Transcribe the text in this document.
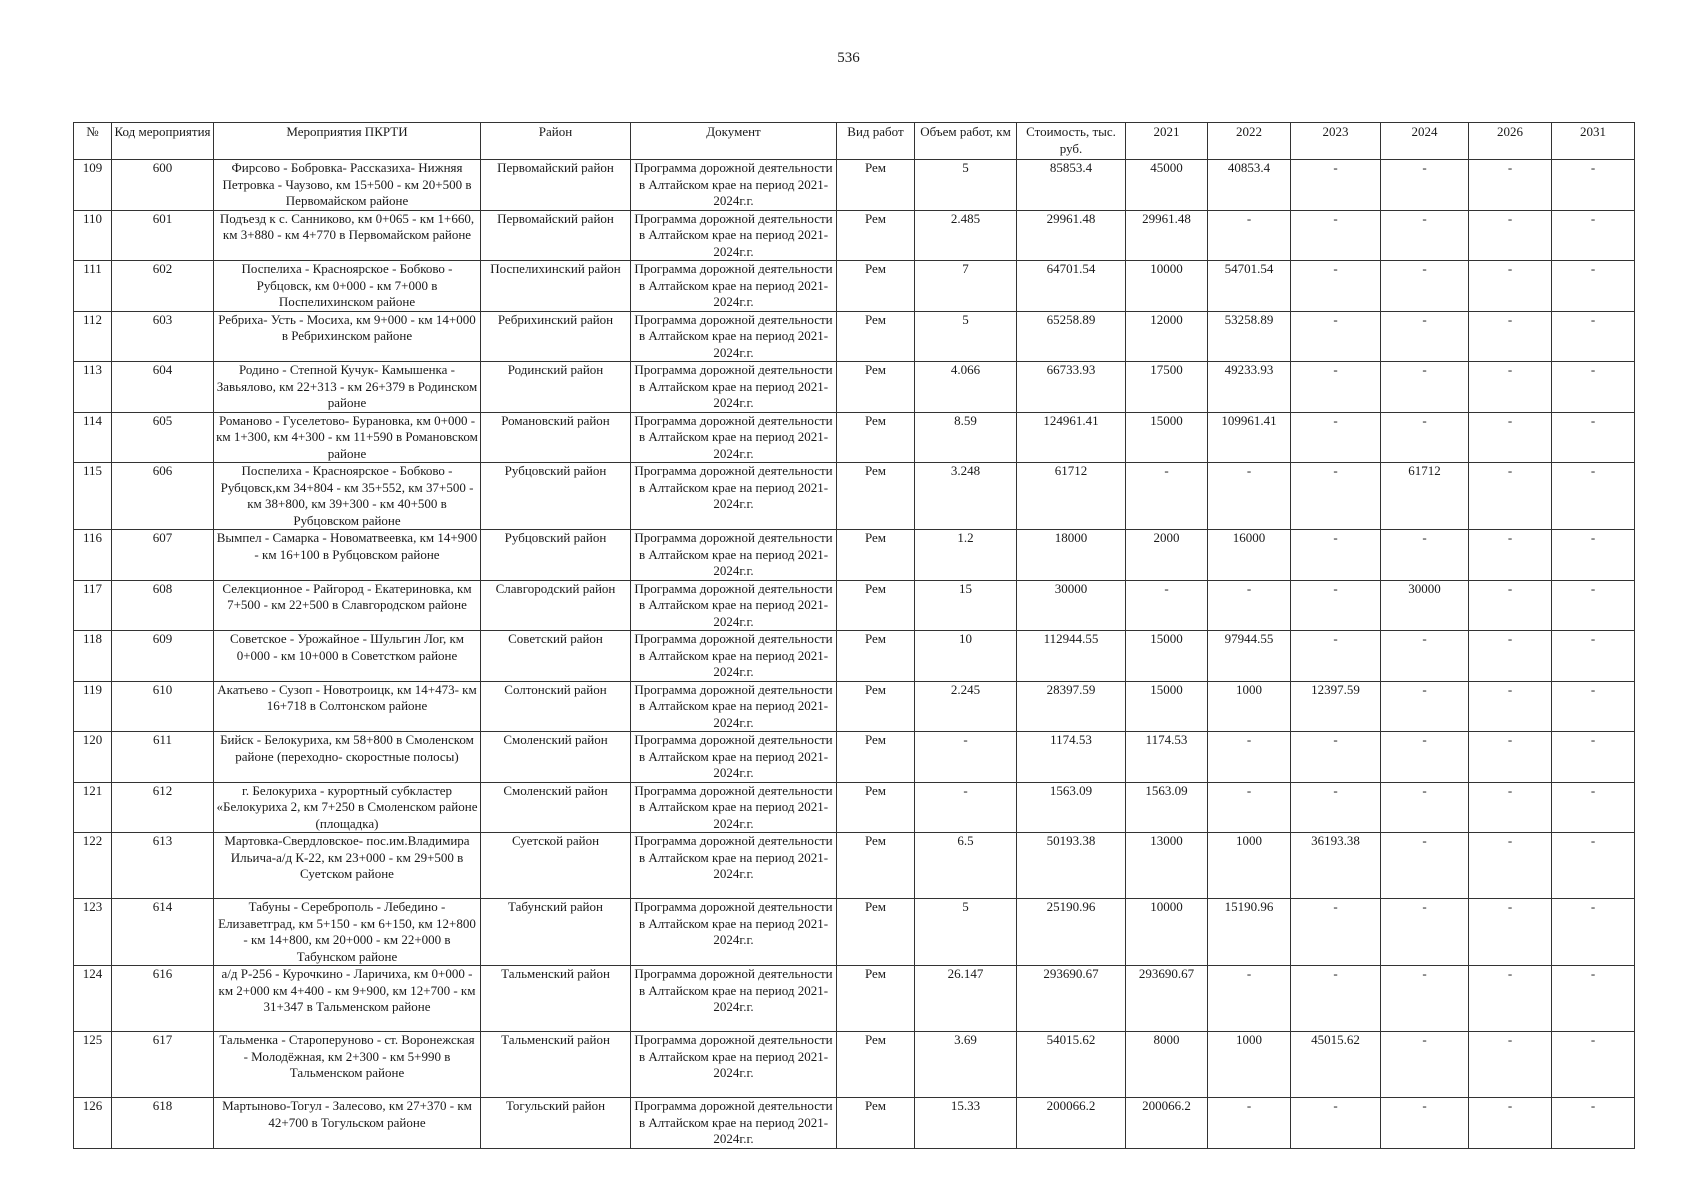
536
№	Код мероприятия	Мероприятия ПКРТИ	Район	Документ	Вид работ	Объем работ, км	Стоимость, тыс. руб.	2021	2022	2023	2024	2026	2031
109	600	Фирсово - Бобровка- Рассказиха- Нижняя Петровка - Чаузово, км 15+500 - км 20+500 в Первомайском районе	Первомайский район	Программа дорожной деятельности в Алтайском крае на период 2021-2024г.г.	Рем	5	85853.4	45000	40853.4	-	-	-	-
110	601	Подъезд к с. Санниково, км 0+065 - км 1+660, км 3+880 - км 4+770 в Первомайском районе	Первомайский район	Программа дорожной деятельности в Алтайском крае на период 2021-2024г.г.	Рем	2.485	29961.48	29961.48	-	-	-	-	-
111	602	Поспелиха - Красноярское - Бобково - Рубцовск, км 0+000 - км 7+000 в Поспелихинском районе	Поспелихинский район	Программа дорожной деятельности в Алтайском крае на период 2021-2024г.г.	Рем	7	64701.54	10000	54701.54	-	-	-	-
112	603	Ребриха- Усть - Мосиха, км 9+000 - км 14+000 в Ребрихинском районе	Ребрихинский район	Программа дорожной деятельности в Алтайском крае на период 2021-2024г.г.	Рем	5	65258.89	12000	53258.89	-	-	-	-
113	604	Родино - Степной Кучук- Камышенка - Завьялово, км 22+313 - км 26+379 в Родинском районе	Родинский район	Программа дорожной деятельности в Алтайском крае на период 2021-2024г.г.	Рем	4.066	66733.93	17500	49233.93	-	-	-	-
114	605	Романово - Гуселетово- Бурановка, км 0+000 - км 1+300, км 4+300 - км 11+590 в Романовском районе	Романовский район	Программа дорожной деятельности в Алтайском крае на период 2021-2024г.г.	Рем	8.59	124961.41	15000	109961.41	-	-	-	-
115	606	Поспелиха - Красноярское - Бобково - Рубцовск,км 34+804 - км 35+552, км 37+500 - км 38+800, км 39+300 - км 40+500 в Рубцовском районе	Рубцовский район	Программа дорожной деятельности в Алтайском крае на период 2021-2024г.г.	Рем	3.248	61712	-	-	-	61712	-	-
116	607	Вымпел - Самарка - Новоматвеевка, км 14+900 - км 16+100 в Рубцовском районе	Рубцовский район	Программа дорожной деятельности в Алтайском крае на период 2021-2024г.г.	Рем	1.2	18000	2000	16000	-	-	-	-
117	608	Селекционное - Райгород - Екатериновка, км 7+500 - км 22+500 в Славгородском районе	Славгородский район	Программа дорожной деятельности в Алтайском крае на период 2021-2024г.г.	Рем	15	30000	-	-	-	30000	-	-
118	609	Советское - Урожайное - Шульгин Лог, км 0+000 - км 10+000 в Советстком районе	Советский район	Программа дорожной деятельности в Алтайском крае на период 2021-2024г.г.	Рем	10	112944.55	15000	97944.55	-	-	-	-
119	610	Акатьево - Сузоп - Новотроицк, км 14+473- км 16+718 в Солтонском районе	Солтонский район	Программа дорожной деятельности в Алтайском крае на период 2021-2024г.г.	Рем	2.245	28397.59	15000	1000	12397.59	-	-	-
120	611	Бийск - Белокуриха, км 58+800 в Смоленском районе (переходно- скоростные полосы)	Смоленский район	Программа дорожной деятельности в Алтайском крае на период 2021-2024г.г.	Рем	-	1174.53	1174.53	-	-	-	-	-
121	612	г. Белокуриха - курортный субкластер «Белокуриха 2, км 7+250 в Смоленском районе (площадка)	Смоленский район	Программа дорожной деятельности в Алтайском крае на период 2021-2024г.г.	Рем	-	1563.09	1563.09	-	-	-	-	-
122	613	Мартовка-Свердловское- пос.им.Владимира Ильича-а/д К-22, км 23+000 - км 29+500 в Суетском районе	Суетской район	Программа дорожной деятельности в Алтайском крае на период 2021-2024г.г.	Рем	6.5	50193.38	13000	1000	36193.38	-	-	-
123	614	Табуны - Сереброполь - Лебедино - Елизаветград, км 5+150 - км 6+150, км 12+800 - км 14+800, км 20+000 - км 22+000 в Табунском районе	Табунский район	Программа дорожной деятельности в Алтайском крае на период 2021-2024г.г.	Рем	5	25190.96	10000	15190.96	-	-	-	-
124	616	а/д Р-256 - Курочкино - Ларичиха, км 0+000 - км 2+000 км 4+400 - км 9+900, км 12+700 - км 31+347 в Тальменском районе	Тальменский район	Программа дорожной деятельности в Алтайском крае на период 2021-2024г.г.	Рем	26.147	293690.67	293690.67	-	-	-	-	-
125	617	Тальменка - Староперуново - ст. Воронежская - Молодёжная, км 2+300 - км 5+990 в Тальменском районе	Тальменский район	Программа дорожной деятельности в Алтайском крае на период 2021-2024г.г.	Рем	3.69	54015.62	8000	1000	45015.62	-	-	-
126	618	Мартыново-Тогул - Залесово, км 27+370 - км 42+700 в Тогульском районе	Тогульский район	Программа дорожной деятельности в Алтайском крае на период 2021-2024г.г.	Рем	15.33	200066.2	200066.2	-	-	-	-	-
